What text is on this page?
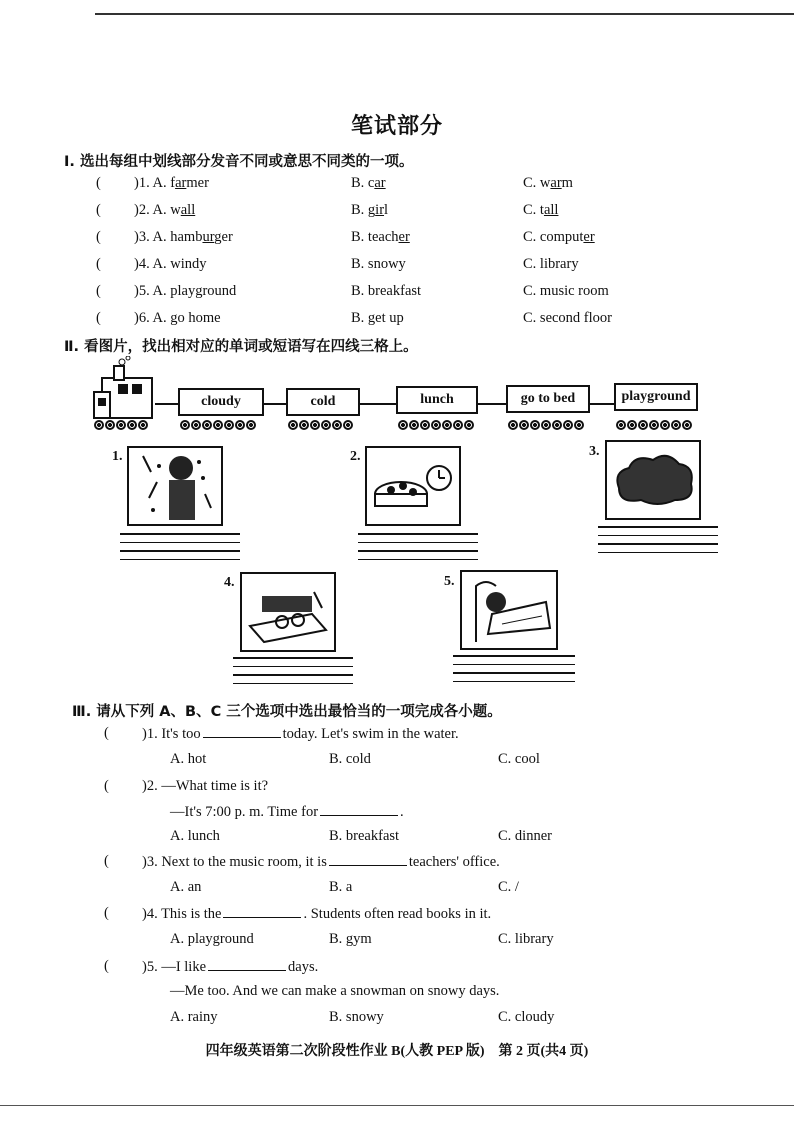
笔试部分
Ⅰ. 选出每组中划线部分发音不同或意思不同类的一项。
( )1. A. farmer	B. car	C. warm
( )2. A. wall	B. girl	C. tall
( )3. A. hamburger	B. teacher	C. computer
( )4. A. windy	B. snowy	C. library
( )5. A. playground	B. breakfast	C. music room
( )6. A. go home	B. get up	C. second floor
Ⅱ. 看图片，找出相对应的单词或短语写在四线三格上。
cloudy	cold	lunch	go to bed	playground
1.	2.	3.
4.	5.
Ⅲ. 请从下列 A、B、C 三个选项中选出最恰当的一项完成各小题。
( )1. It's too	today. Let's swim in the water.
A. hot	B. cold	C. cool
( )2. —What time is it?
—It's 7:00 p. m. Time for	.
A. lunch	B. breakfast	C. dinner
( )3. Next to the music room, it is	teachers' office.
A. an	B. a	C. /
( )4. This is the	. Students often read books in it.
A. playground	B. gym	C. library
( )5. —I like	days.
—Me too. And we can make a snowman on snowy days.
A. rainy	B. snowy	C. cloudy
四年级英语第二次阶段性作业 B(人教 PEP 版)　第 2 页(共4 页)
